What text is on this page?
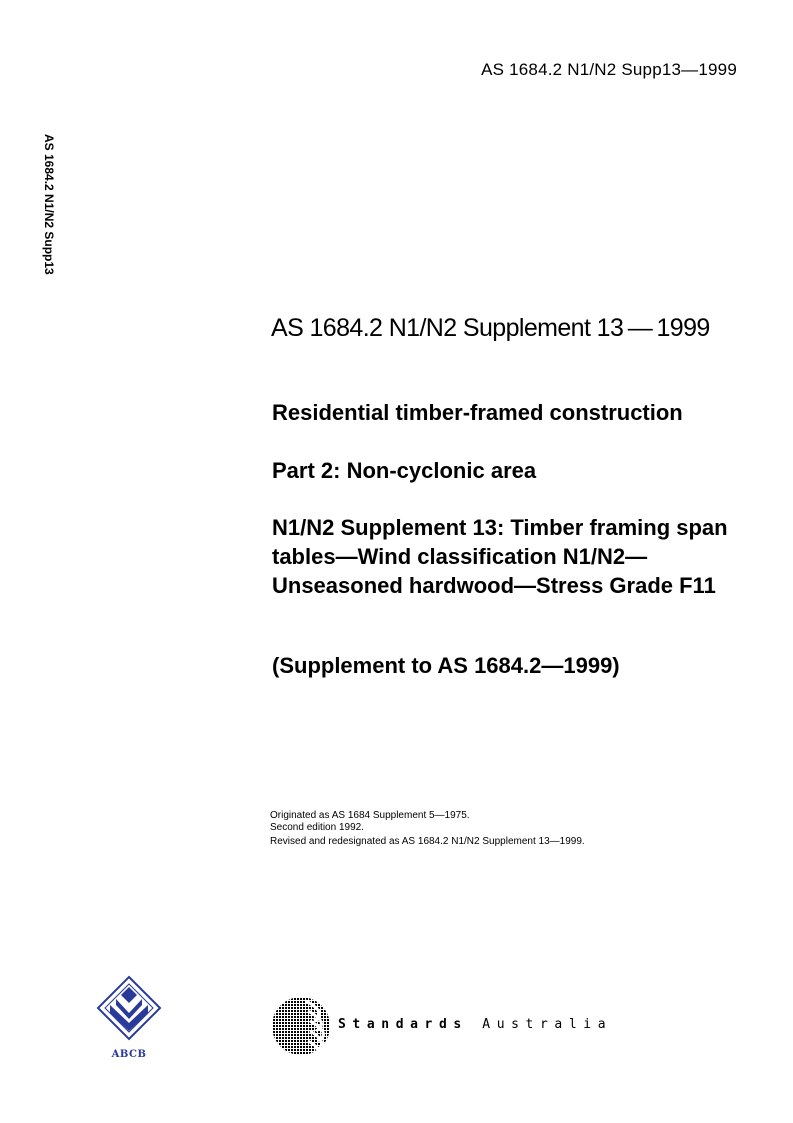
AS 1684.2 N1/N2 Supp13—1999
AS 1684.2 N1/N2 Supp13
AS 1684.2 N1/N2 Supplement 13 — 1999
Residential timber-framed construction
Part 2: Non-cyclonic area
N1/N2 Supplement 13: Timber framing span tables—Wind classification N1/N2—Unseasoned hardwood—Stress Grade F11
(Supplement to AS 1684.2—1999)
Originated as AS 1684 Supplement 5—1975.
Second edition 1992.
Revised and redesignated as AS 1684.2 N1/N2 Supplement 13—1999.
ABCB
Standards Australia
